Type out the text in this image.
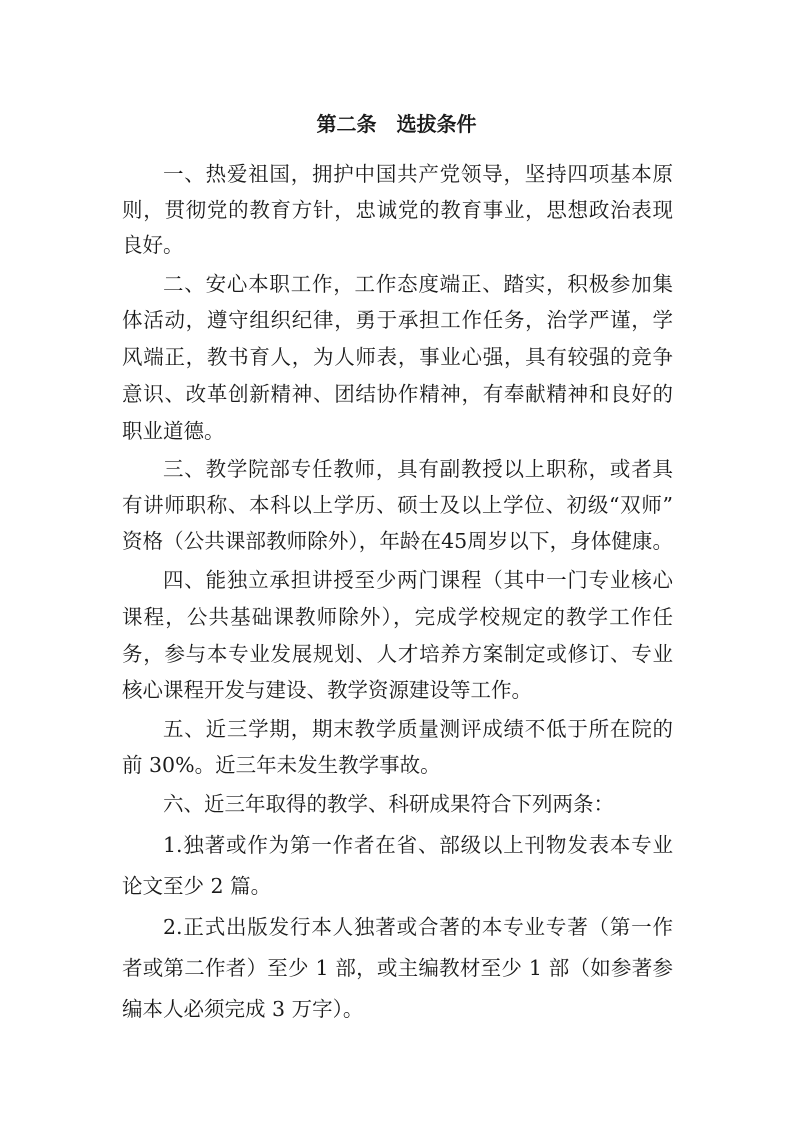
第二条　选拔条件
一、热爱祖国，拥护中国共产党领导，坚持四项基本原
则，贯彻党的教育方针，忠诚党的教育事业，思想政治表现
良好。
二、安心本职工作，工作态度端正、踏实，积极参加集
体活动，遵守组织纪律，勇于承担工作任务，治学严谨，学
风端正，教书育人，为人师表，事业心强，具有较强的竞争
意识、改革创新精神、团结协作精神，有奉献精神和良好的
职业道德。
三、教学院部专任教师，具有副教授以上职称，或者具
有讲师职称、本科以上学历、硕士及以上学位、初级“双师”
资格（公共课部教师除外），年龄在45周岁以下，身体健康。
四、能独立承担讲授至少两门课程（其中一门专业核心
课程，公共基础课教师除外），完成学校规定的教学工作任
务，参与本专业发展规划、人才培养方案制定或修订、专业
核心课程开发与建设、教学资源建设等工作。
五、近三学期，期末教学质量测评成绩不低于所在院的
前 30%。近三年未发生教学事故。
六、近三年取得的教学、科研成果符合下列两条：
1.独著或作为第一作者在省、部级以上刊物发表本专业
论文至少 2 篇。
2.正式出版发行本人独著或合著的本专业专著（第一作
者或第二作者）至少 1 部，或主编教材至少 1 部（如参著参
编本人必须完成 3 万字）。
